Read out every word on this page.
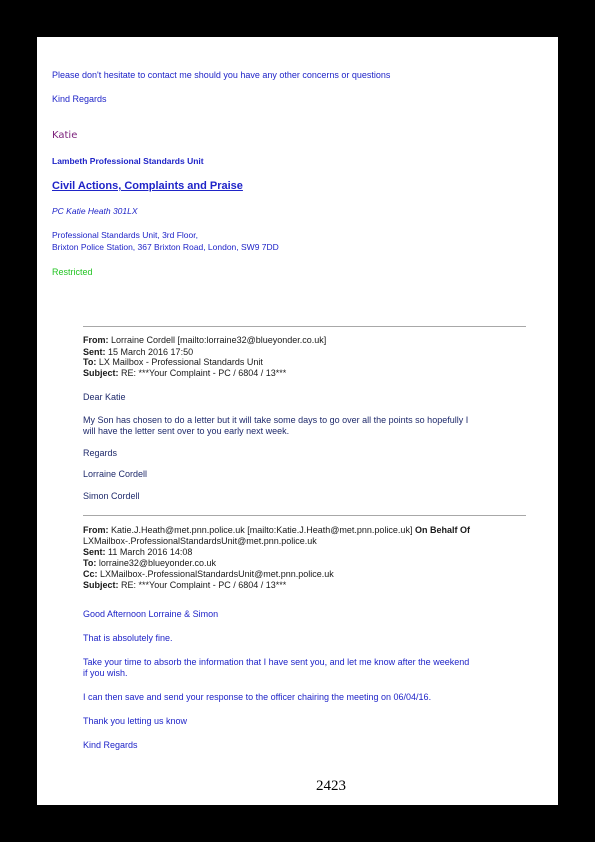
Please don't hesitate to contact me should you have any other concerns or questions

Kind Regards

Katie

Lambeth Professional Standards Unit

Civil Actions, Complaints and Praise

PC Katie Heath 301LX

Professional Standards Unit, 3rd Floor,

Brixton Police Station, 367 Brixton Road, London, SW9 7DD

Restricted

From: Lorraine Cordell [mailto:lorraine32@blueyonder.co.uk]

Sent: 15 March 2016 17:50

To: LX Mailbox - Professional Standards Unit

Subject: RE: ***Your Complaint - PC / 6804 / 13***

Dear Katie

My Son has chosen to do a letter but it will take some days to go over all the points so hopefully I

will have the letter sent over to you early next week.

Regards

Lorraine Cordell

Simon Cordell

From: Katie.J.Heath@met.pnn.police.uk [mailto:Katie.J.Heath@met.pnn.police.uk] On Behalf Of

LXMailbox-.ProfessionalStandardsUnit@met.pnn.police.uk

Sent: 11 March 2016 14:08

To: lorraine32@blueyonder.co.uk

Cc: LXMailbox-.ProfessionalStandardsUnit@met.pnn.police.uk

Subject: RE: ***Your Complaint - PC / 6804 / 13***

Good Afternoon Lorraine & Simon

That is absolutely fine.

Take your time to absorb the information that I have sent you, and let me know after the weekend

if you wish.

I can then save and send your response to the officer chairing the meeting on 06/04/16.

Thank you letting us know

Kind Regards

2423
